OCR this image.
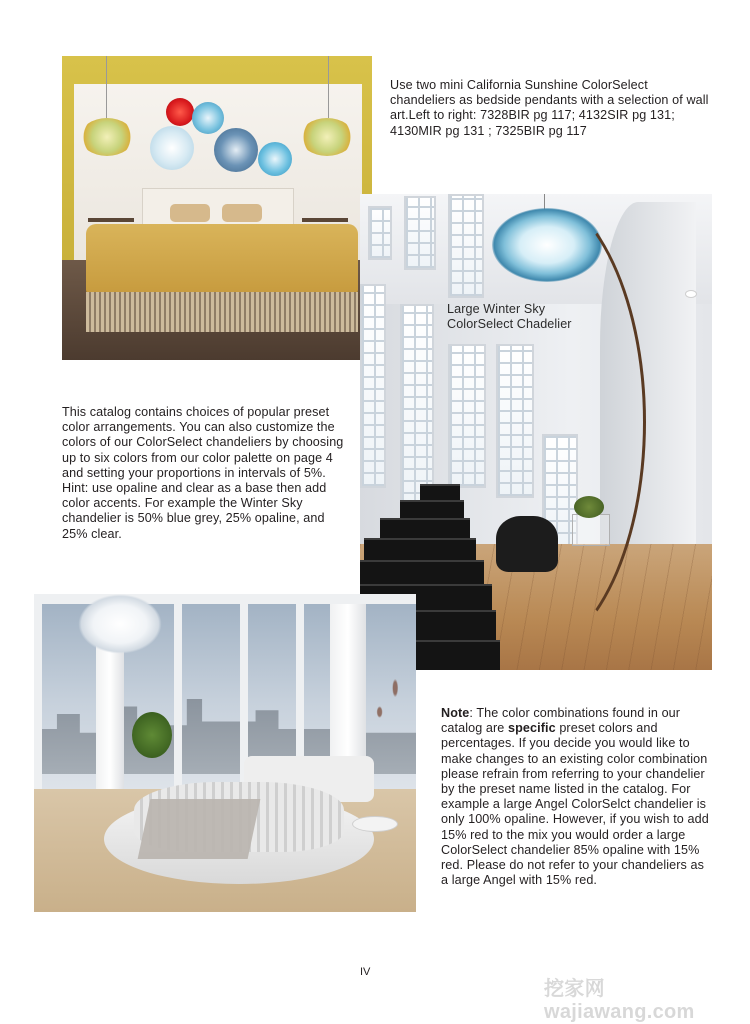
Use two mini California Sunshine ColorSelect chandeliers as bedside pendants with a selection of wall art.Left to right: 7328BIR pg 117; 4132SIR pg 131; 4130MIR pg 131 ; 7325BIR pg 117
Large Winter Sky
ColorSelect Chadelier
This catalog contains choices of popular preset color arrangements. You can also customize the colors of our ColorSelect chandeliers by choosing up to six colors from our color palette on page 4 and setting your proportions in intervals of 5%. Hint: use opaline and clear as a base then add color accents. For example the Winter Sky chandelier is 50% blue grey, 25% opaline, and 25% clear.
Note: The color combinations found in our catalog are specific preset colors and percentages. If you decide you would like to make changes to an existing color combination please refrain from referring to your chandelier by the preset name listed in the catalog. For example a large Angel ColorSelct chandelier is only 100% opaline. However, if you wish to add 15% red to the mix you would order a large ColorSelect chandelier 85% opaline with 15% red. Please do not refer to your chandeliers as a large Angel with 15% red.
IV
挖家网 wajiawang.com
